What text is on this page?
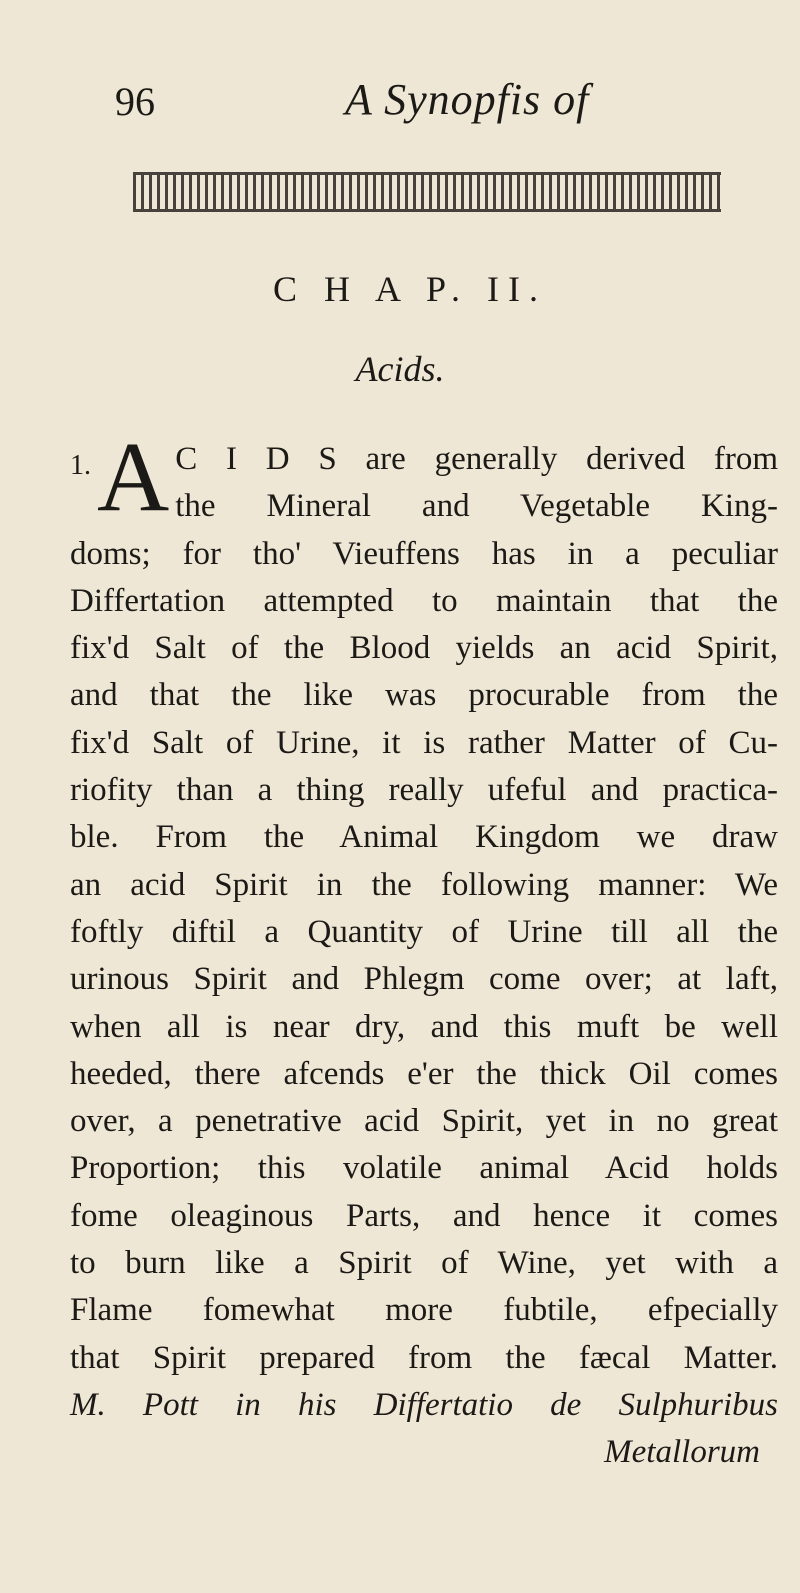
96	A Synopfis of
C H A P. II.
Acids.
1. A C I D S are generally derived from
the Mineral and Vegetable King-
doms; for tho' Vieuffens has in a peculiar
Differtation attempted to maintain that the
fix'd Salt of the Blood yields an acid Spirit,
and that the like was procurable from the
fix'd Salt of Urine, it is rather Matter of Cu-
riofity than a thing really ufeful and practica-
ble. From the Animal Kingdom we draw
an acid Spirit in the following manner: We
foftly diftil a Quantity of Urine till all the
urinous Spirit and Phlegm come over; at laft,
when all is near dry, and this muft be well
heeded, there afcends e'er the thick Oil comes
over, a penetrative acid Spirit, yet in no great
Proportion; this volatile animal Acid holds
fome oleaginous Parts, and hence it comes
to burn like a Spirit of Wine, yet with a
Flame fomewhat more fubtile, efpecially
that Spirit prepared from the fæcal Matter.
M. Pott in his Differtatio de Sulphuribus
Metallorum
